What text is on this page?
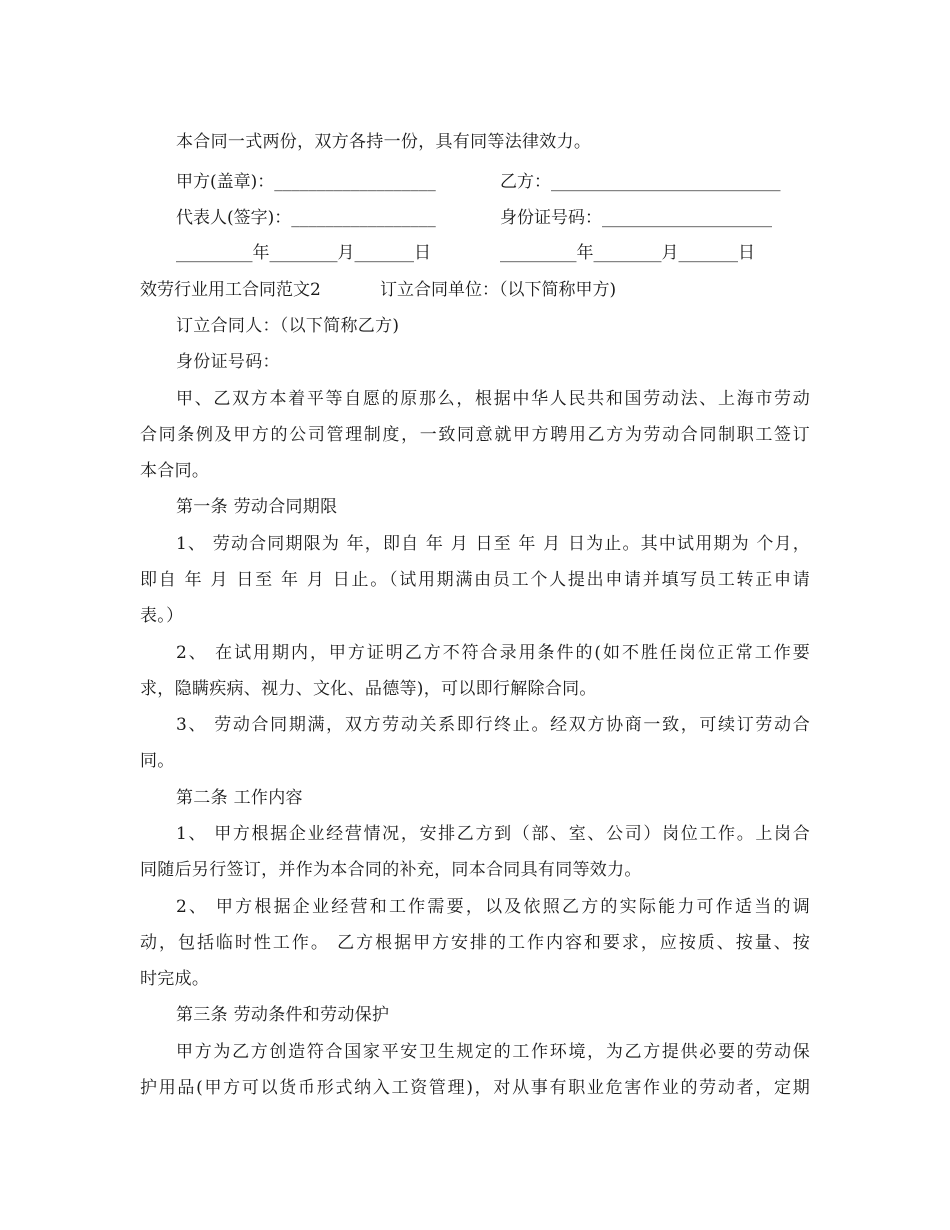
本合同一式两份，双方各持一份，具有同等法律效力。
甲方(盖章)：___________________	乙方：___________________________
代表人(签字)：_________________	身份证号码：____________________
_________年________月_______日	_________年________月_______日
效劳行业用工合同范文2	订立合同单位：（以下简称甲方)
订立合同人：（以下简称乙方)
身份证号码：
甲、乙双方本着平等自愿的原那么，根据中华人民共和国劳动法、上海市劳动
合同条例及甲方的公司管理制度，一致同意就甲方聘用乙方为劳动合同制职工签订
本合同。
第一条 劳动合同期限
1、 劳动合同期限为 年，即自 年 月 日至 年 月 日为止。其中试用期为 个月，
即自 年 月 日至 年 月 日止。（试用期满由员工个人提出申请并填写员工转正申请
表。）
2、 在试用期内，甲方证明乙方不符合录用条件的(如不胜任岗位正常工作要
求，隐瞒疾病、视力、文化、品德等)，可以即行解除合同。
3、 劳动合同期满，双方劳动关系即行终止。经双方协商一致，可续订劳动合
同。
第二条 工作内容
1、 甲方根据企业经营情况，安排乙方到（部、室、公司）岗位工作。上岗合
同随后另行签订，并作为本合同的补充，同本合同具有同等效力。
2、 甲方根据企业经营和工作需要，以及依照乙方的实际能力可作适当的调
动，包括临时性工作。 乙方根据甲方安排的工作内容和要求，应按质、按量、按
时完成。
第三条 劳动条件和劳动保护
甲方为乙方创造符合国家平安卫生规定的工作环境，为乙方提供必要的劳动保
护用品(甲方可以货币形式纳入工资管理)，对从事有职业危害作业的劳动者，定期
